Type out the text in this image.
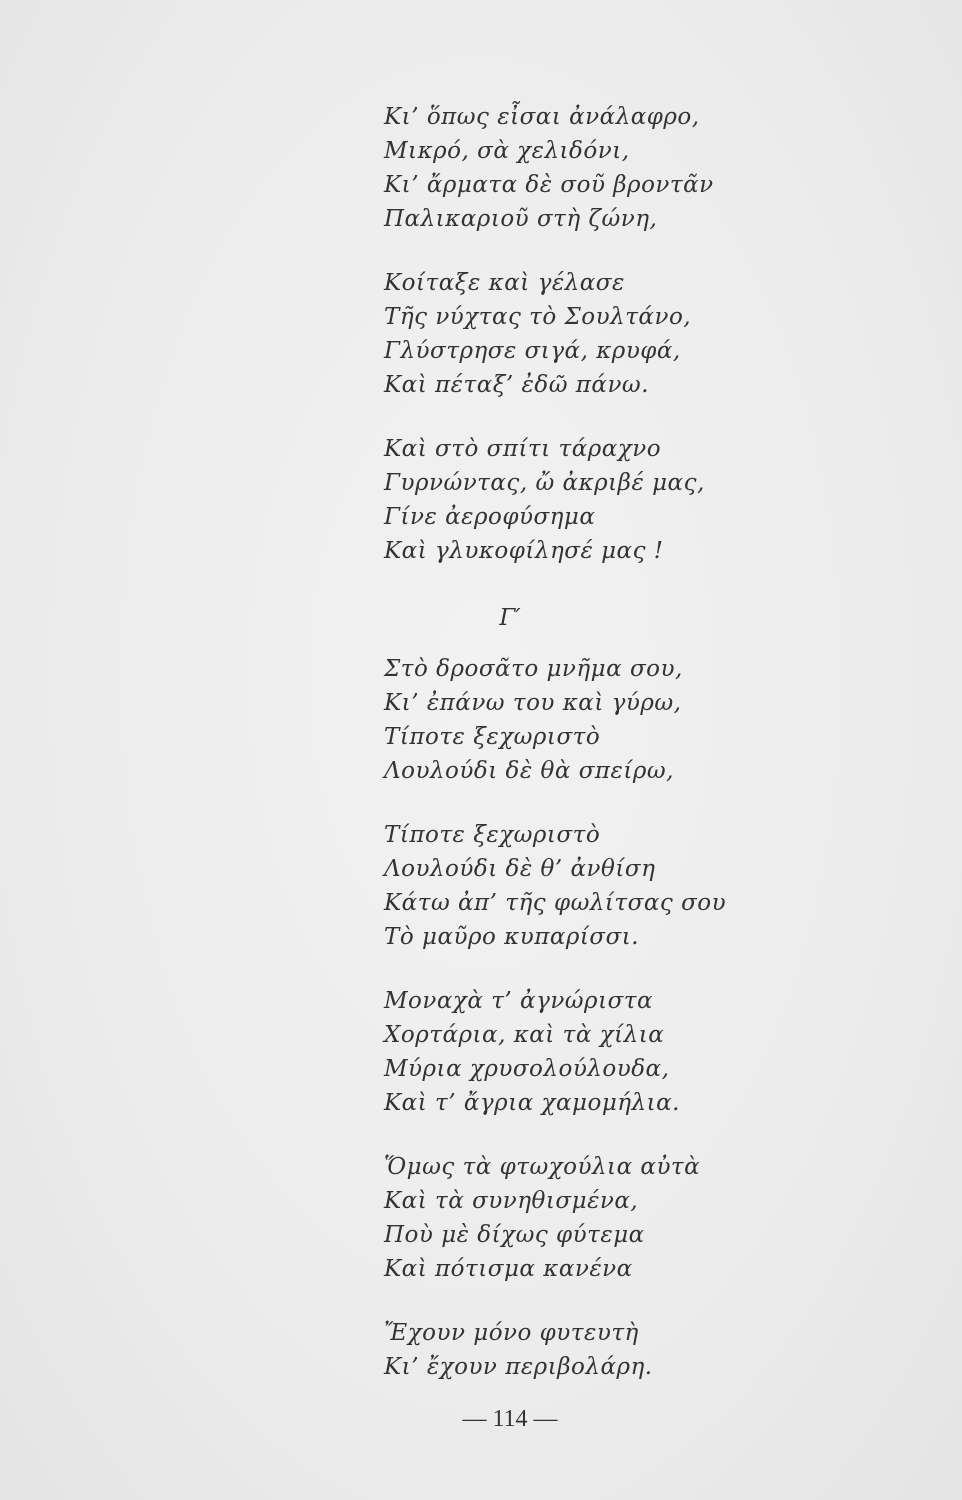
Κι’ ὅπως εἶσαι ἀνάλαφρο,
Μικρό, σὰ χελιδόνι,
Κι’ ἄρματα δὲ σοῦ βροντᾶν
Παλικαριοῦ στὴ ζώνη,
Κοίταξε καὶ γέλασε
Τῆς νύχτας τὸ Σουλτάνο,
Γλύστρησε σιγά, κρυφά,
Καὶ πέταξ’ ἐδῶ πάνω.
Καὶ στὸ σπίτι τάραχνο
Γυρνώντας, ὤ ἀκριβέ μας,
Γίνε ἀεροφύσημα
Καὶ γλυκοφίλησέ μας !
Γ′
Στὸ δροσᾶτο μνῆμα σου,
Κι’ ἐπάνω του καὶ γύρω,
Τίποτε ξεχωριστὸ
Λουλούδι δὲ θὰ σπείρω,
Τίποτε ξεχωριστὸ
Λουλούδι δὲ θ’ ἀνθίση
Κάτω ἀπ’ τῆς φωλίτσας σου
Τὸ μαῦρο κυπαρίσσι.
Μοναχὰ τ’ ἀγνώριστα
Χορτάρια, καὶ τὰ χίλια
Μύρια χρυσολούλουδα,
Καὶ τ’ ἄγρια χαμομήλια.
Ὅμως τὰ φτωχούλια αὐτὰ
Καὶ τὰ συνηθισμένα,
Ποὺ μὲ δίχως φύτεμα
Καὶ πότισμα κανένα
Ἔχουν μόνο φυτευτὴ
Κι’ ἔχουν περιβολάρη.
— 114 —
